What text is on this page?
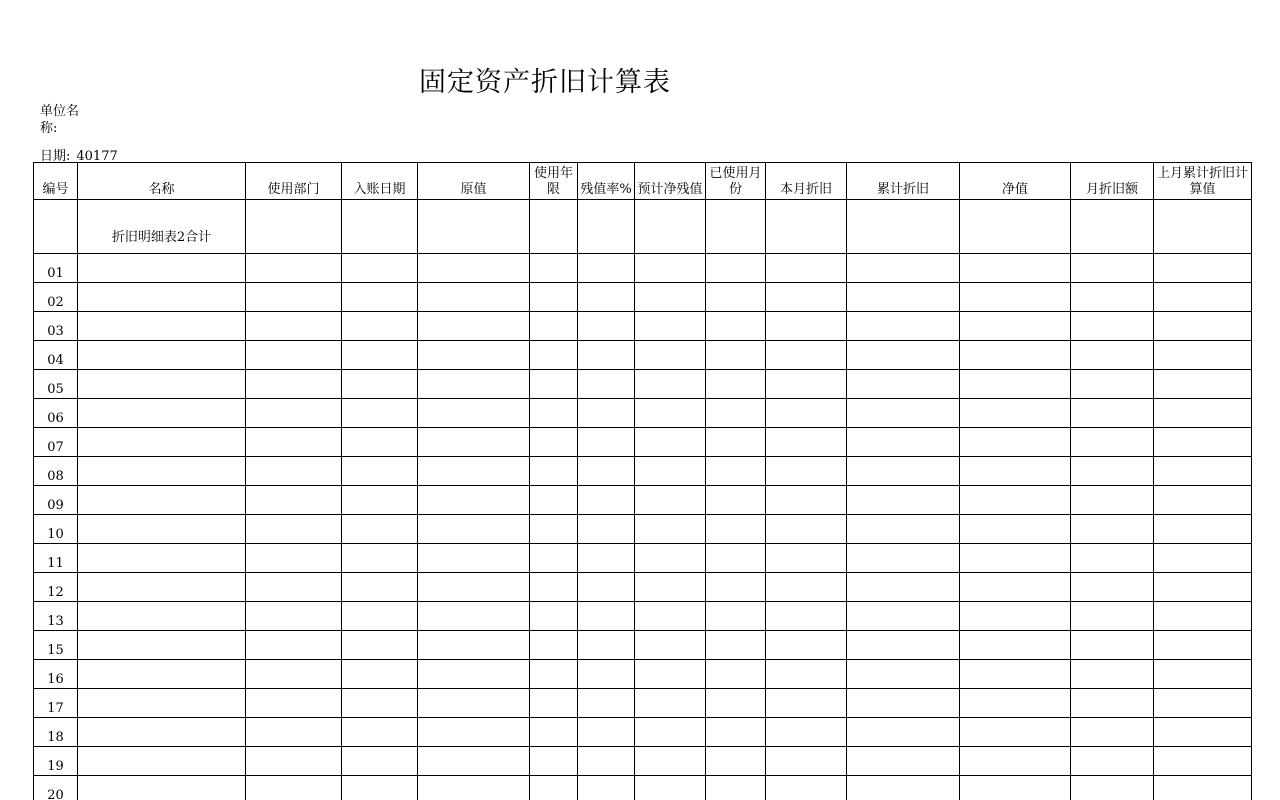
固定资产折旧计算表
单位名称:
日期: 40177
编号	名称	使用部门	入账日期	原值	使用年限	残值率%	预计净残值	已使用月份	本月折旧	累计折旧	净值	月折旧额	上月累计折旧计算值
	折旧明细表2合计												
01													
02													
03													
04													
05													
06													
07													
08													
09													
10													
11													
12													
13													
15													
16													
17													
18													
19													
20													
